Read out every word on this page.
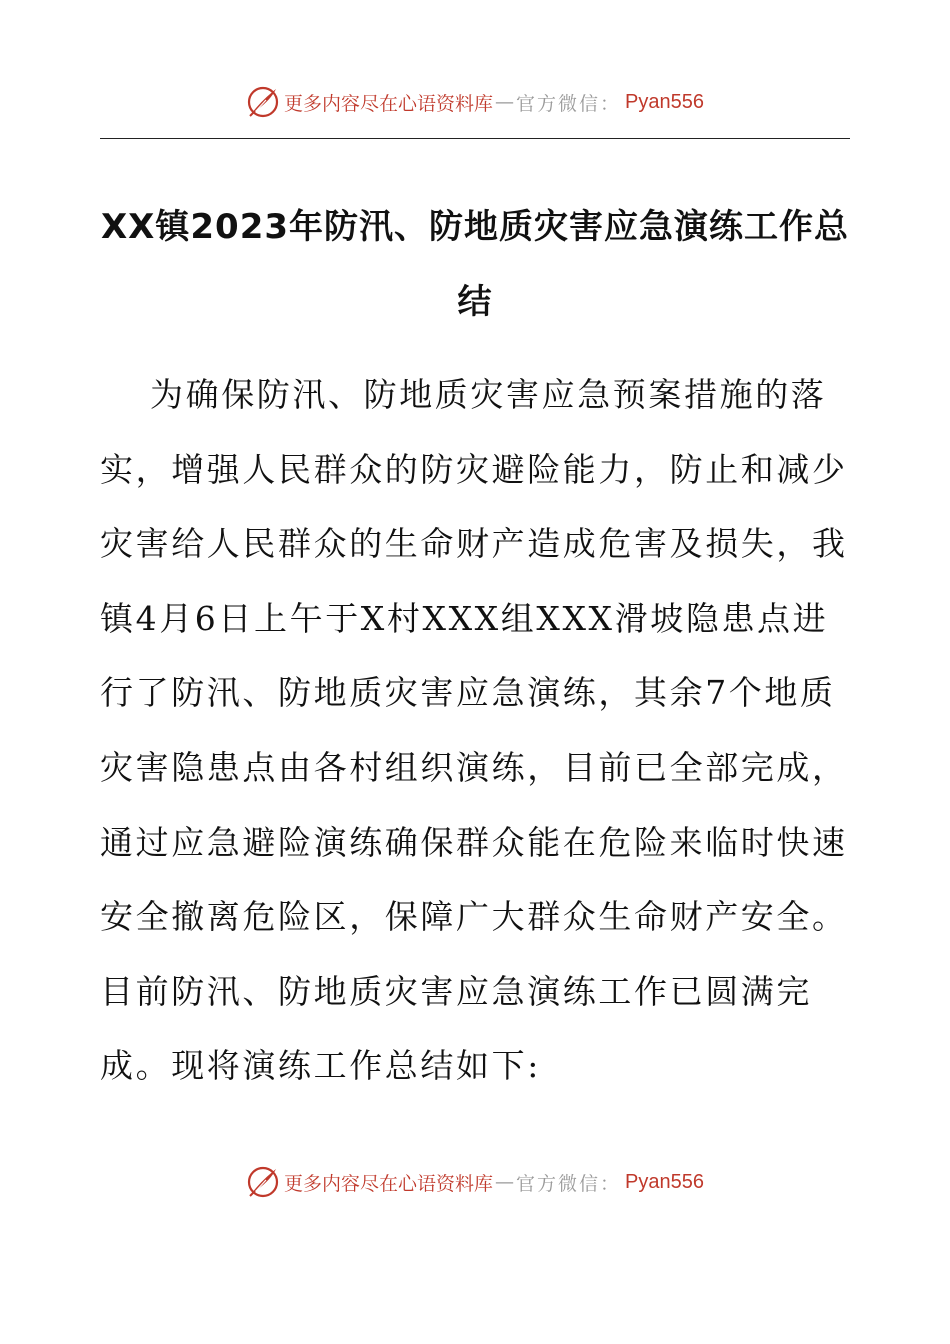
更多内容尽在心语资料库 — 官方微信： Pyan556
XX镇2023年防汛、防地质灾害应急演练工作总结

为确保防汛、防地质灾害应急预案措施的落实，增强人民群众的防灾避险能力，防止和减少灾害给人民群众的生命财产造成危害及损失，我镇4月6日上午于X村XXX组XXX滑坡隐患点进行了防汛、防地质灾害应急演练，其余7个地质灾害隐患点由各村组织演练，目前已全部完成，通过应急避险演练确保群众能在危险来临时快速安全撤离危险区，保障广大群众生命财产安全。目前防汛、防地质灾害应急演练工作已圆满完成。现将演练工作总结如下:

更多内容尽在心语资料库 — 官方微信： Pyan556
